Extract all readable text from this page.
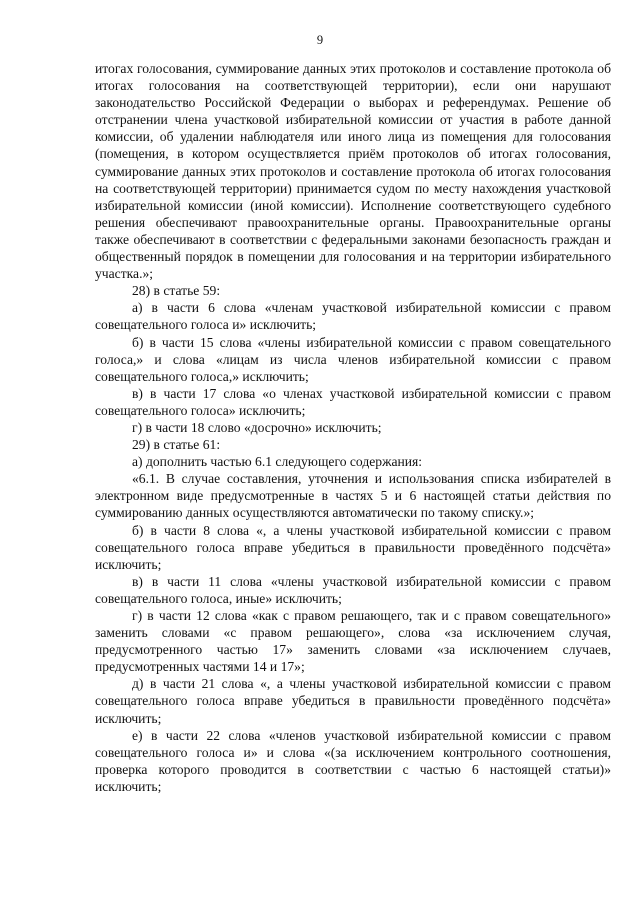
9

итогах голосования, суммирование данных этих протоколов и составление протокола об итогах голосования на соответствующей территории), если они нарушают законодательство Российской Федерации о выборах и референдумах. Решение об отстранении члена участковой избирательной комиссии от участия в работе данной комиссии, об удалении наблюдателя или иного лица из помещения для голосования (помещения, в котором осуществляется приём протоколов об итогах голосования, суммирование данных этих протоколов и составление протокола об итогах голосования на соответствующей территории) принимается судом по месту нахождения участковой избирательной комиссии (иной комиссии). Исполнение соответствующего судебного решения обеспечивают правоохранительные органы. Правоохранительные органы также обеспечивают в соответствии с федеральными законами безопасность граждан и общественный порядок в помещении для голосования и на территории избирательного участка.»;

28) в статье 59:

а) в части 6 слова «членам участковой избирательной комиссии с правом совещательного голоса и» исключить;

б) в части 15 слова «члены избирательной комиссии с правом совещательного голоса,» и слова «лицам из числа членов избирательной комиссии с правом совещательного голоса,» исключить;

в) в части 17 слова «о членах участковой избирательной комиссии с правом совещательного голоса» исключить;

г) в части 18 слово «досрочно» исключить;

29) в статье 61:

а) дополнить частью 6.1 следующего содержания:

«6.1. В случае составления, уточнения и использования списка избирателей в электронном виде предусмотренные в частях 5 и 6 настоящей статьи действия по суммированию данных осуществляются автоматически по такому списку.»;

б) в части 8 слова «, а члены участковой избирательной комиссии с правом совещательного голоса вправе убедиться в правильности проведённого подсчёта» исключить;

в) в части 11 слова «члены участковой избирательной комиссии с правом совещательного голоса, иные» исключить;

г) в части 12 слова «как с правом решающего, так и с правом совещательного» заменить словами «с правом решающего», слова «за исключением случая, предусмотренного частью 17» заменить словами «за исключением случаев, предусмотренных частями 14 и 17»;

д) в части 21 слова «, а члены участковой избирательной комиссии с правом совещательного голоса вправе убедиться в правильности проведённого подсчёта» исключить;

е) в части 22 слова «членов участковой избирательной комиссии с правом совещательного голоса и» и слова «(за исключением контрольного соотношения, проверка которого проводится в соответствии с частью 6 настоящей статьи)» исключить;
